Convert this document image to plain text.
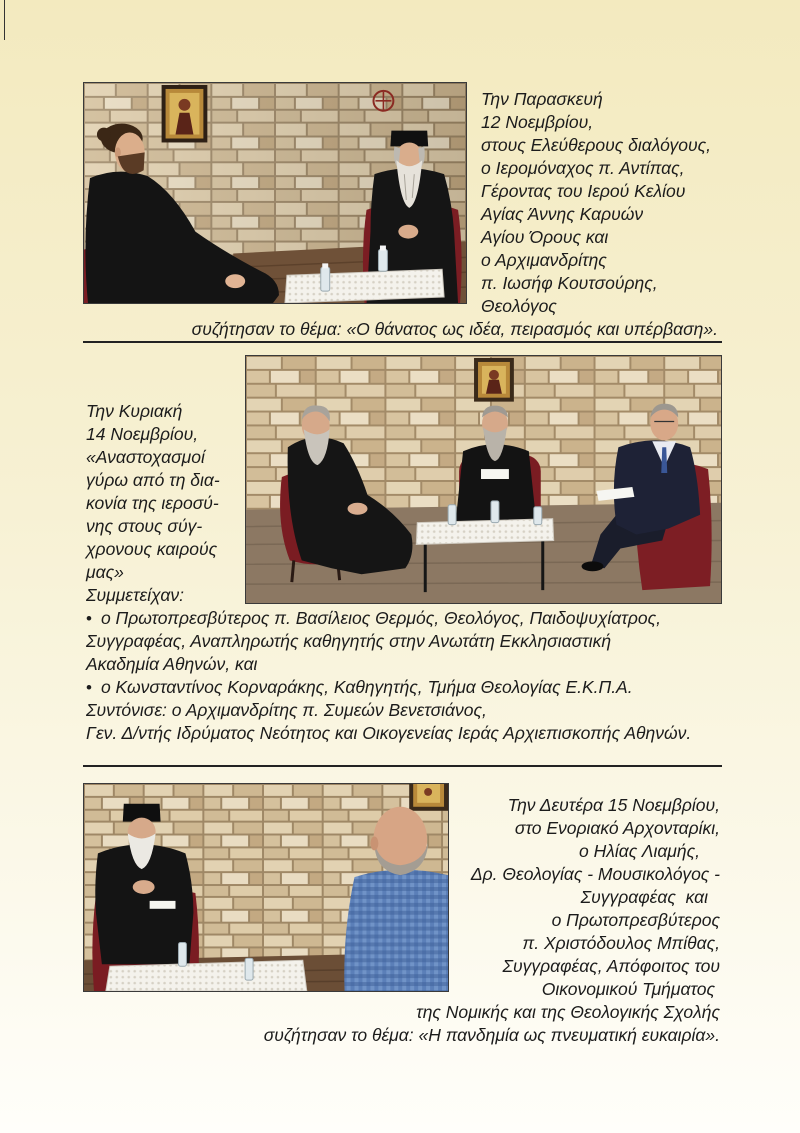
Την Παρασκευή
12 Νοεμβρίου,
στους Ελεύθερους διαλόγους,
ο Ιερομόναχος π. Αντίπας,
Γέροντας του Ιερού Κελίου
Αγίας Άννης Καρυών
Αγίου Όρους και
ο Αρχιμανδρίτης
π. Ιωσήφ Κουτσούρης,
Θεολόγος
συζήτησαν το θέμα: «Ο θάνατος ως ιδέα, πειρασμός και υπέρβαση».
Την Κυριακή
14 Νοεμβρίου,
«Αναστοχασμοί
γύρω από τη δια-
κονία της ιεροσύ-
νης στους σύγ-
χρονους καιρούς
μας»
Συμμετείχαν:
• ο Πρωτοπρεσβύτερος π. Βασίλειος Θερμός, Θεολόγος, Παιδοψυχίατρος,
Συγγραφέας, Αναπληρωτής καθηγητής στην Ανωτάτη Εκκλησιαστική
Ακαδημία Αθηνών, και
• ο Κωνσταντίνος Κορναράκης, Καθηγητής, Τμήμα Θεολογίας Ε.Κ.Π.Α.
Συντόνισε: ο Αρχιμανδρίτης π. Συμεών Βενετσιάνος,
Γεν. Δ/ντής Ιδρύματος Νεότητος και Οικογενείας Ιεράς Αρχιεπισκοπής Αθηνών.
Την Δευτέρα 15 Νοεμβρίου,
στο Ενοριακό Αρχονταρίκι,
ο Ηλίας Λιαμής,
Δρ. Θεολογίας - Μουσικολόγος -
Συγγραφέας  και
ο Πρωτοπρεσβύτερος
π. Χριστόδουλος Μπίθας,
Συγγραφέας, Απόφοιτος του
Οικονομικού Τμήματος
της Νομικής και της Θεολογικής Σχολής
συζήτησαν το θέμα: «Η πανδημία ως πνευματική ευκαιρία».
